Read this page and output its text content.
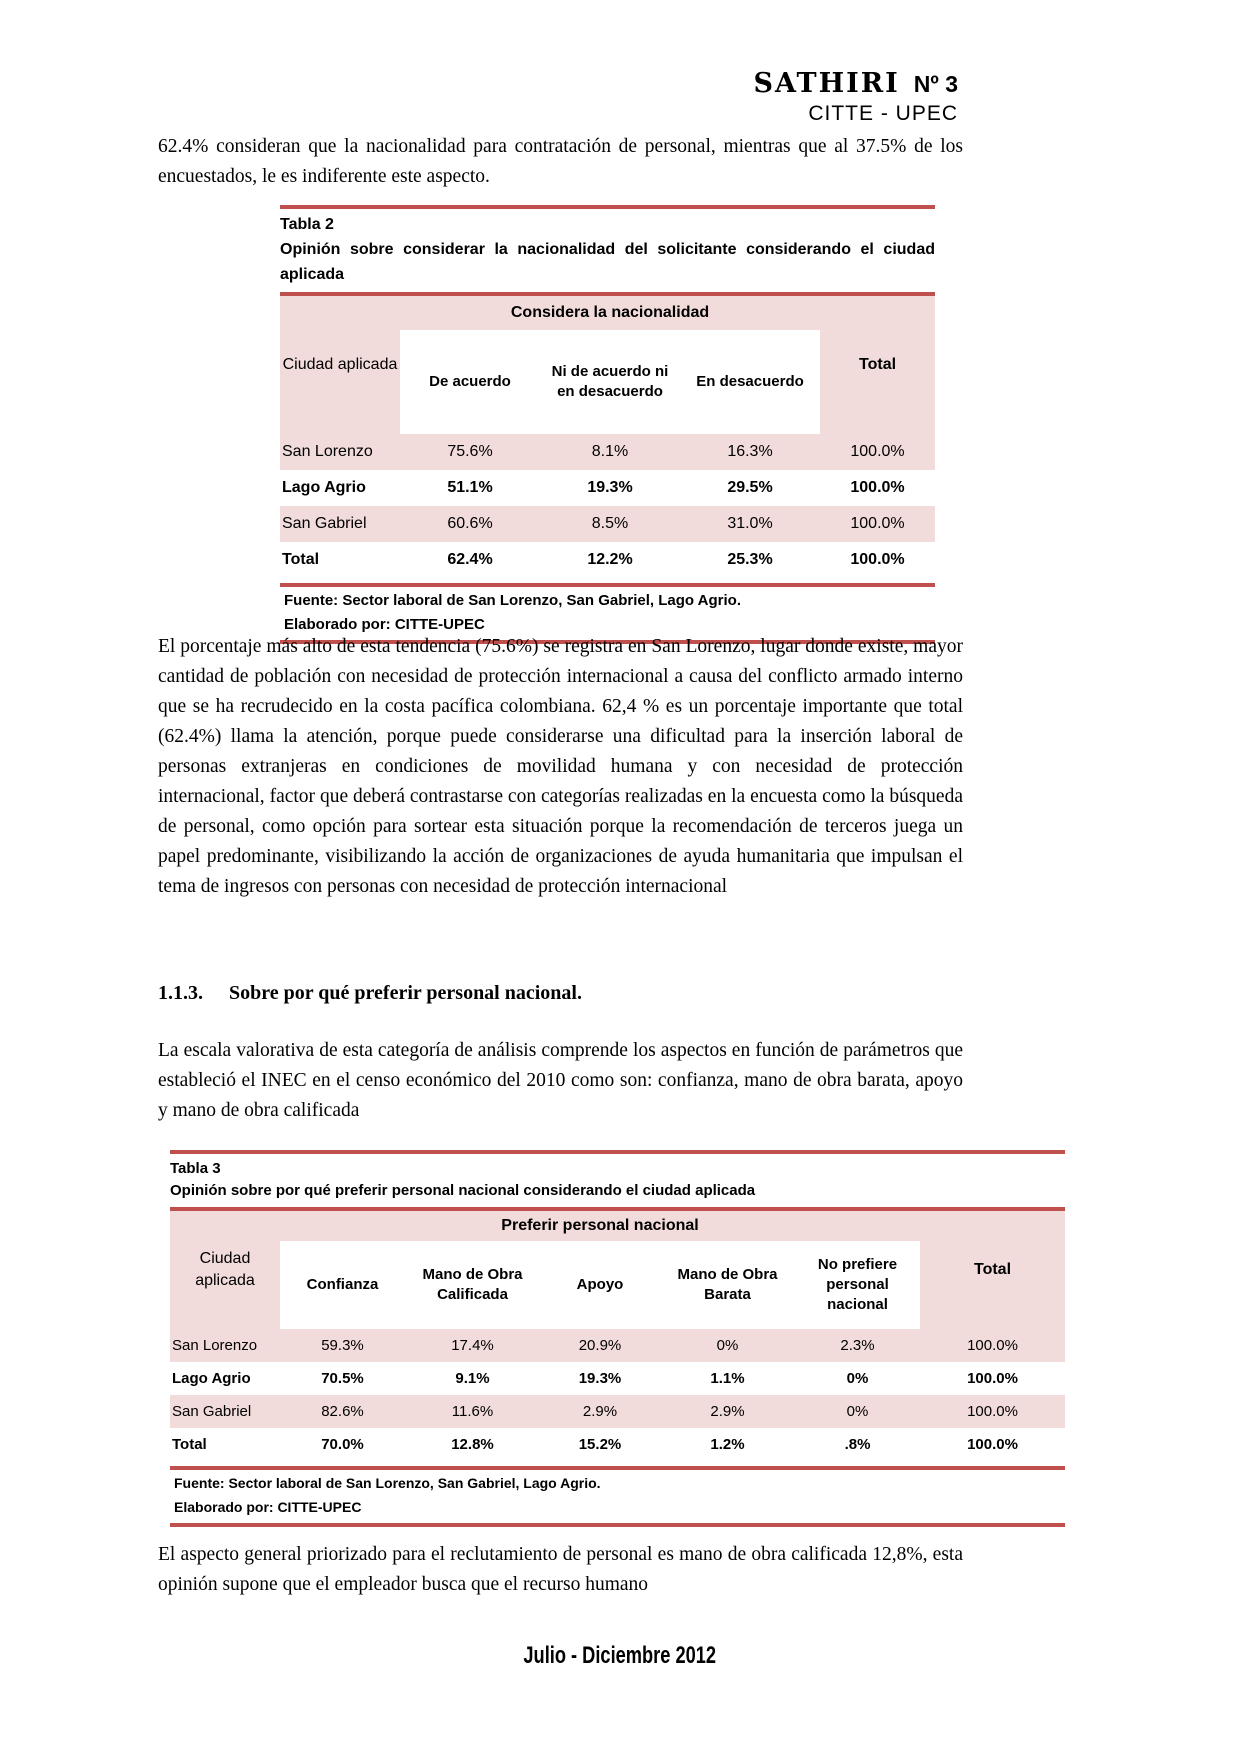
SATHIRI Nº 3
CITTE - UPEC

62.4% consideran que la nacionalidad para contratación de personal, mientras que al 37.5% de los encuestados, le es indiferente este aspecto.

Tabla 2
Opinión sobre considerar la nacionalidad del solicitante considerando el ciudad aplicada
Ciudad aplicada	Considera la nacionalidad			Total
	De acuerdo	Ni de acuerdo ni en desacuerdo	En desacuerdo	
San Lorenzo	75.6%	8.1%	16.3%	100.0%
Lago Agrio	51.1%	19.3%	29.5%	100.0%
San Gabriel	60.6%	8.5%	31.0%	100.0%
Total	62.4%	12.2%	25.3%	100.0%
Fuente: Sector laboral de San Lorenzo, San Gabriel, Lago Agrio.
Elaborado por: CITTE-UPEC

El porcentaje más alto de esta tendencia (75.6%) se registra en San Lorenzo, lugar donde existe, mayor cantidad de población con necesidad de protección internacional a causa del conflicto armado interno que se ha recrudecido en la costa pacífica colombiana. 62,4 % es un porcentaje importante que total (62.4%) llama la atención, porque puede considerarse una dificultad para la inserción laboral de personas extranjeras en condiciones de movilidad humana y con necesidad de protección internacional, factor que deberá contrastarse con categorías realizadas en la encuesta como la búsqueda de personal, como opción para sortear esta situación porque la recomendación de terceros juega un papel predominante, visibilizando la acción de organizaciones de ayuda humanitaria que impulsan el tema de ingresos con personas con necesidad de protección internacional

1.1.3. Sobre por qué preferir personal nacional.

La escala valorativa de esta categoría de análisis comprende los aspectos en función de parámetros que estableció el INEC en el censo económico del 2010 como son: confianza, mano de obra barata, apoyo y mano de obra calificada

Tabla 3
Opinión sobre por qué preferir personal nacional considerando el ciudad aplicada
Ciudad aplicada	Preferir personal nacional					Total
	Confianza	Mano de Obra Calificada	Apoyo	Mano de Obra Barata	No prefiere personal nacional	
San Lorenzo	59.3%	17.4%	20.9%	0%	2.3%	100.0%
Lago Agrio	70.5%	9.1%	19.3%	1.1%	0%	100.0%
San Gabriel	82.6%	11.6%	2.9%	2.9%	0%	100.0%
Total	70.0%	12.8%	15.2%	1.2%	.8%	100.0%
Fuente: Sector laboral de San Lorenzo, San Gabriel, Lago Agrio.
Elaborado por: CITTE-UPEC

El aspecto general priorizado para el reclutamiento de personal es mano de obra calificada 12,8%, esta opinión supone que el empleador busca que el recurso humano

Julio - Diciembre 2012
